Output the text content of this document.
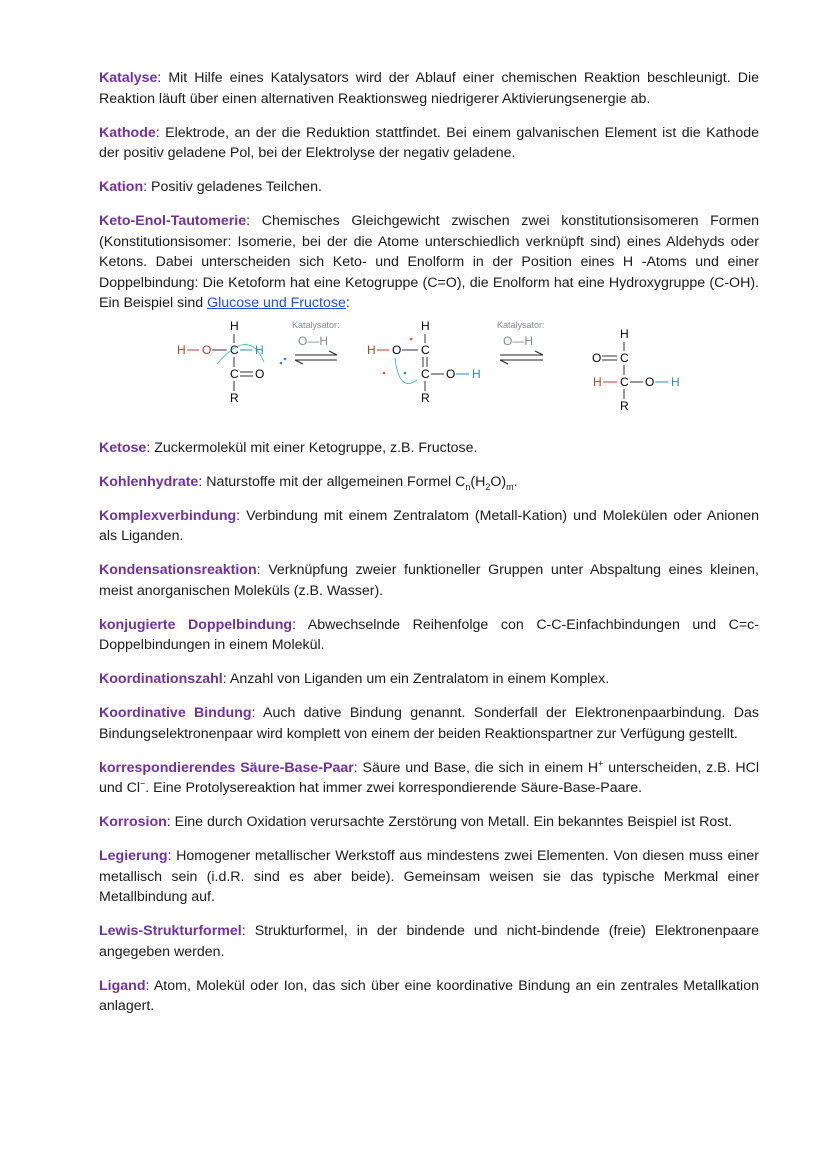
Katalyse: Mit Hilfe eines Katalysators wird der Ablauf einer chemischen Reaktion beschleunigt. Die Reaktion läuft über einen alternativen Reaktionsweg niedrigerer Aktivierungsenergie ab.

Kathode: Elektrode, an der die Reduktion stattfindet. Bei einem galvanischen Element ist die Kathode der positiv geladene Pol, bei der Elektrolyse der negativ geladene.

Kation: Positiv geladenes Teilchen.

Keto-Enol-Tautomerie: Chemisches Gleichgewicht zwischen zwei konstitutionsisomeren Formen (Konstitutionsisomer: Isomerie, bei der die Atome unterschiedlich verknüpft sind) eines Aldehyds oder Ketons. Dabei unterscheiden sich Keto- und Enolform in der Position eines H -Atoms und einer Doppelbindung: Die Ketoform hat eine Ketogruppe (C=O), die Enolform hat eine Hydroxygruppe (C-OH). Ein Beispiel sind Glucose und Fructose:

H
H O C H
C O
R
Katalysator:
O—H
H
H O C
C O H
R
Katalysator:
O—H	H
O C
H C O H
R

Ketose: Zuckermolekül mit einer Ketogruppe, z.B. Fructose.

Kohlenhydrate: Naturstoffe mit der allgemeinen Formel $C_n(H_2O)_m$.

Komplexverbindung: Verbindung mit einem Zentralatom (Metall-Kation) und Molekülen oder Anionen als Liganden.

Kondensationsreaktion: Verknüpfung zweier funktioneller Gruppen unter Abspaltung eines kleinen, meist anorganischen Moleküls (z.B. Wasser).

konjugierte Doppelbindung: Abwechselnde Reihenfolge con C-C-Einfachbindungen und C=c-Doppelbindungen in einem Molekül.

Koordinationszahl: Anzahl von Liganden um ein Zentralatom in einem Komplex.

Koordinative Bindung: Auch dative Bindung genannt. Sonderfall der Elektronenpaarbindung. Das Bindungselektronenpaar wird komplett von einem der beiden Reaktionspartner zur Verfügung gestellt.

korrespondierendes Säure-Base-Paar: Säure und Base, die sich in einem H+ unterscheiden, z.B. HCl und Cl−. Eine Protolysereaktion hat immer zwei korrespondierende Säure-Base-Paare.

Korrosion: Eine durch Oxidation verursachte Zerstörung von Metall. Ein bekanntes Beispiel ist Rost.

Legierung: Homogener metallischer Werkstoff aus mindestens zwei Elementen. Von diesen muss einer metallisch sein (i.d.R. sind es aber beide). Gemeinsam weisen sie das typische Merkmal einer Metallbindung auf.

Lewis-Strukturformel: Strukturformel, in der bindende und nicht-bindende (freie) Elektronenpaare angegeben werden.

Ligand: Atom, Molekül oder Ion, das sich über eine koordinative Bindung an ein zentrales Metallkation anlagert.
